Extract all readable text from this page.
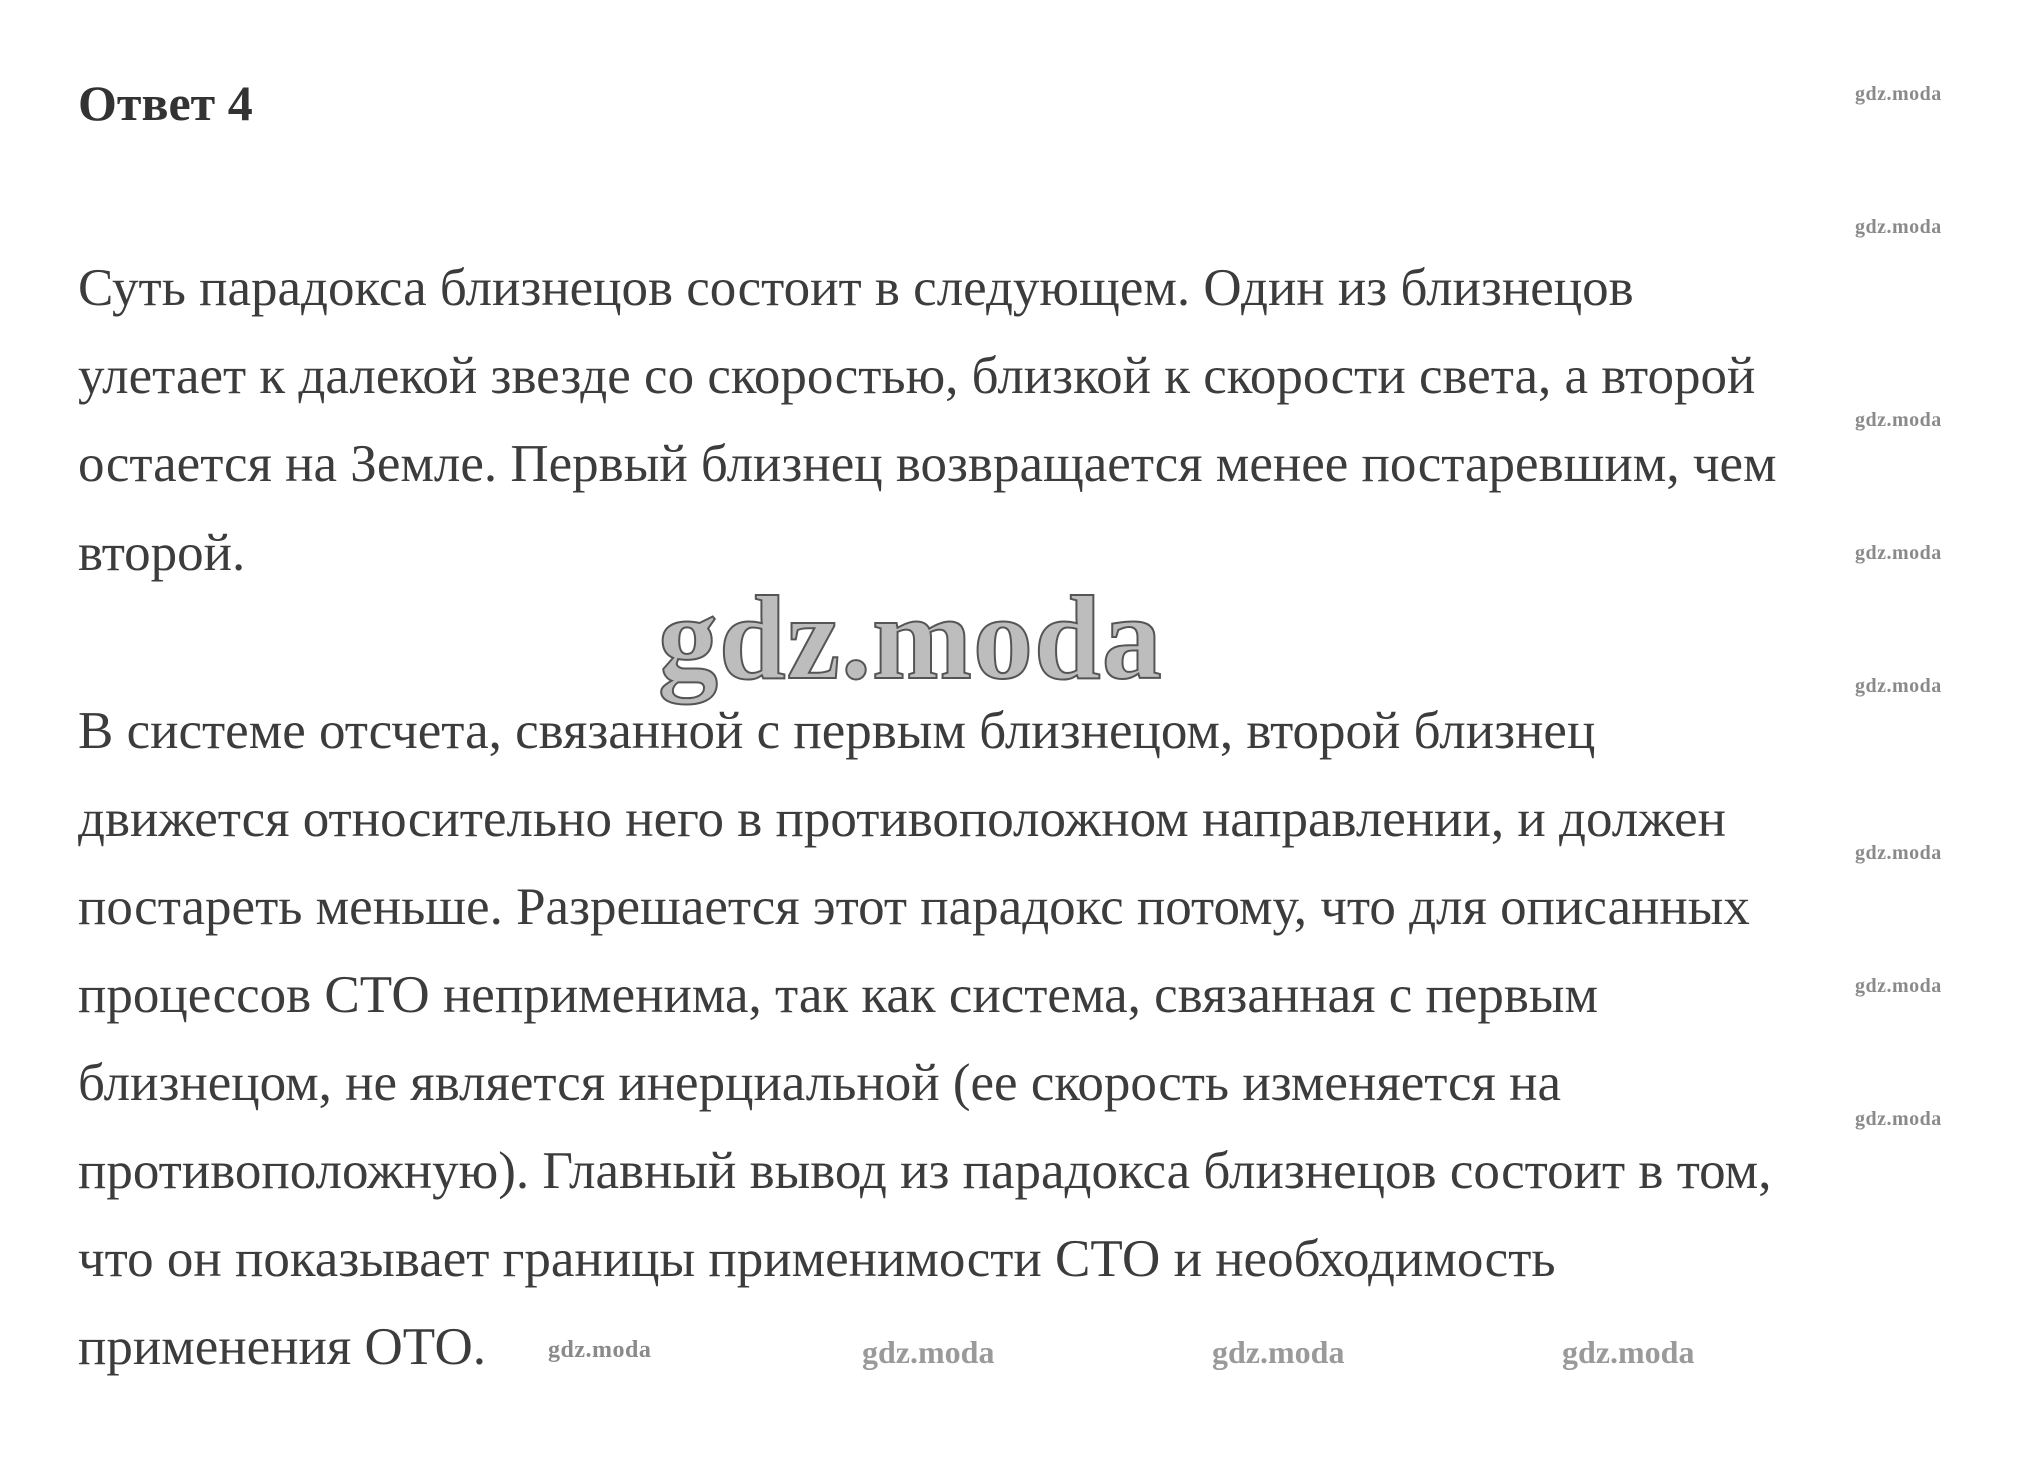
Ответ 4
Суть парадокса близнецов состоит в следующем. Один из близнецов
улетает к далекой звезде со скоростью, близкой к скорости света, а второй
остается на Земле. Первый близнец возвращается менее постаревшим, чем
второй.
gdz.moda
В системе отсчета, связанной с первым близнецом, второй близнец
движется относительно него в противоположном направлении, и должен
постареть меньше. Разрешается этот парадокс потому, что для описанных
процессов СТО неприменима, так как система, связанная с первым
близнецом, не является инерциальной (ее скорость изменяется на
противоположную). Главный вывод из парадокса близнецов состоит в том,
что он показывает границы применимости СТО и необходимость
применения ОТО.
gdz.moda
gdz.moda
gdz.moda
gdz.moda
gdz.moda
gdz.moda
gdz.moda
gdz.moda
gdz.moda	gdz.moda	gdz.moda	gdz.moda
